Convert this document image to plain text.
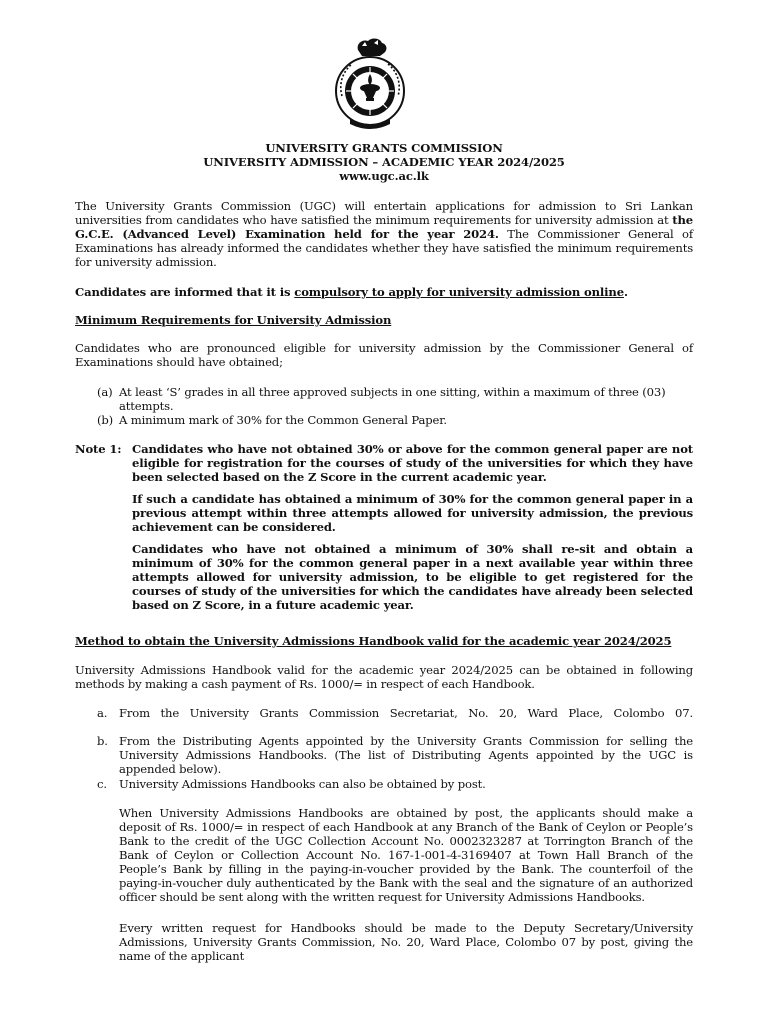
UNIVERSITY GRANTS COMMISSION
UNIVERSITY ADMISSION – ACADEMIC YEAR 2024/2025
www.ugc.ac.lk
The University Grants Commission (UGC) will entertain applications for admission to Sri Lankan universities from candidates who have satisfied the minimum requirements for university admission at the G.C.E. (Advanced Level) Examination held for the year 2024. The Commissioner General of Examinations has already informed the candidates whether they have satisfied the minimum requirements for university admission.
Candidates are informed that it is compulsory to apply for university admission online.
Minimum Requirements for University Admission
Candidates who are pronounced eligible for university admission by the Commissioner General of Examinations should have obtained;
(a) At least ‘S’ grades in all three approved subjects in one sitting, within a maximum of three (03) attempts.
(b) A minimum mark of 30% for the Common General Paper.
Note 1: Candidates who have not obtained 30% or above for the common general paper are not eligible for registration for the courses of study of the universities for which they have been selected based on the Z Score in the current academic year.
If such a candidate has obtained a minimum of 30% for the common general paper in a previous attempt within three attempts allowed for university admission, the previous achievement can be considered.
Candidates who have not obtained a minimum of 30% shall re-sit and obtain a minimum of 30% for the common general paper in a next available year within three attempts allowed for university admission, to be eligible to get registered for the courses of study of the universities for which the candidates have already been selected based on Z Score, in a future academic year.
Method to obtain the University Admissions Handbook valid for the academic year 2024/2025
University Admissions Handbook valid for the academic year 2024/2025 can be obtained in following methods by making a cash payment of Rs. 1000/= in respect of each Handbook.
a. From the University Grants Commission Secretariat, No. 20, Ward Place, Colombo 07.
b. From the Distributing Agents appointed by the University Grants Commission for selling the University Admissions Handbooks. (The list of Distributing Agents appointed by the UGC is appended below).
c. University Admissions Handbooks can also be obtained by post.
When University Admissions Handbooks are obtained by post, the applicants should make a deposit of Rs. 1000/= in respect of each Handbook at any Branch of the Bank of Ceylon or People’s Bank to the credit of the UGC Collection Account No. 0002323287 at Torrington Branch of the Bank of Ceylon or Collection Account No. 167-1-001-4-3169407 at Town Hall Branch of the People’s Bank by filling in the paying-in-voucher provided by the Bank. The counterfoil of the paying-in-voucher duly authenticated by the Bank with the seal and the signature of an authorized officer should be sent along with the written request for University Admissions Handbooks.
Every written request for Handbooks should be made to the Deputy Secretary/University Admissions, University Grants Commission, No. 20, Ward Place, Colombo 07 by post, giving the name of the applicant
